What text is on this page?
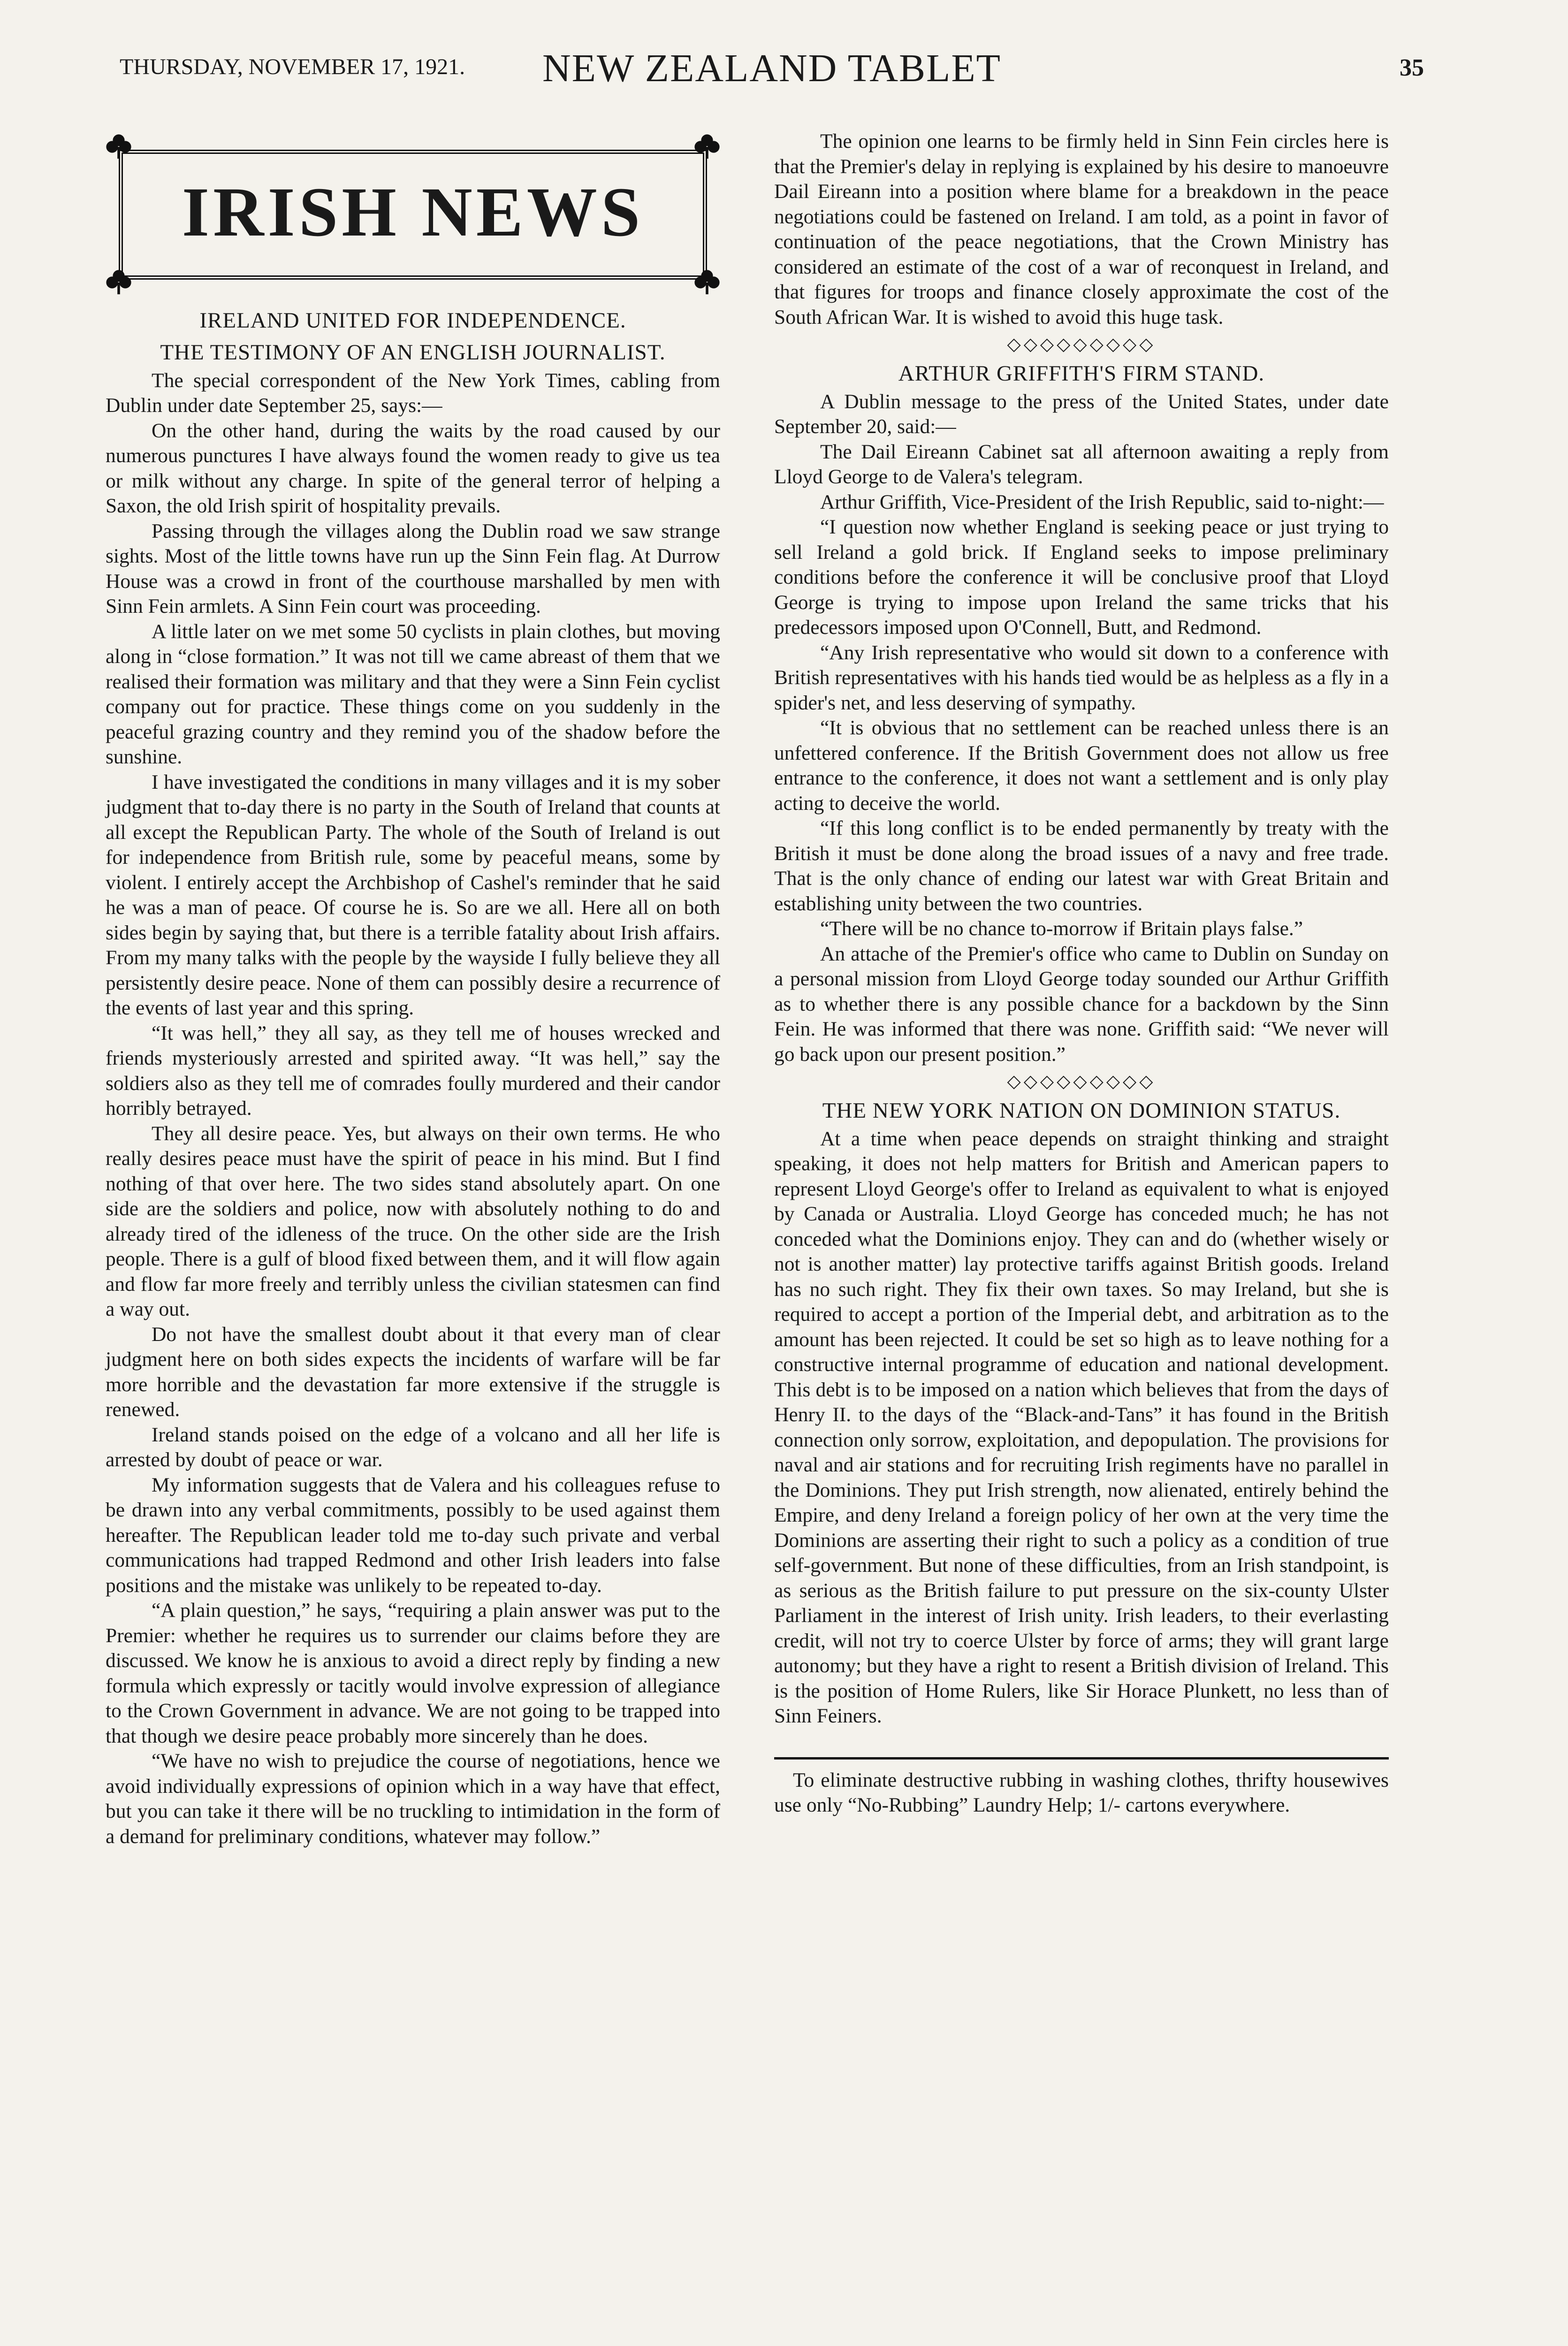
THURSDAY, NOVEMBER 17, 1921.	NEW ZEALAND TABLET	35
IRISH NEWS
IRELAND UNITED FOR INDEPENDENCE.
THE TESTIMONY OF AN ENGLISH JOURNALIST.

The special correspondent of the New York Times, cabling from Dublin under date September 25, says:—

On the other hand, during the waits by the road caused by our numerous punctures I have always found the women ready to give us tea or milk without any charge. In spite of the general terror of helping a Saxon, the old Irish spirit of hospitality prevails.

Passing through the villages along the Dublin road we saw strange sights. Most of the little towns have run up the Sinn Fein flag. At Durrow House was a crowd in front of the courthouse marshalled by men with Sinn Fein armlets. A Sinn Fein court was proceeding.

A little later on we met some 50 cyclists in plain clothes, but moving along in “close formation.” It was not till we came abreast of them that we realised their formation was military and that they were a Sinn Fein cyclist company out for practice. These things come on you suddenly in the peaceful grazing country and they remind you of the shadow before the sunshine.

I have investigated the conditions in many villages and it is my sober judgment that to-day there is no party in the South of Ireland that counts at all except the Republican Party. The whole of the South of Ireland is out for independence from British rule, some by peaceful means, some by violent. I entirely accept the Archbishop of Cashel's reminder that he said he was a man of peace. Of course he is. So are we all. Here all on both sides begin by saying that, but there is a terrible fatality about Irish affairs. From my many talks with the people by the wayside I fully believe they all persistently desire peace. None of them can possibly desire a recurrence of the events of last year and this spring.

“It was hell,” they all say, as they tell me of houses wrecked and friends mysteriously arrested and spirited away. “It was hell,” say the soldiers also as they tell me of comrades foully murdered and their candor horribly betrayed.

They all desire peace. Yes, but always on their own terms. He who really desires peace must have the spirit of peace in his mind. But I find nothing of that over here. The two sides stand absolutely apart. On one side are the soldiers and police, now with absolutely nothing to do and already tired of the idleness of the truce. On the other side are the Irish people. There is a gulf of blood fixed between them, and it will flow again and flow far more freely and terribly unless the civilian statesmen can find a way out.

Do not have the smallest doubt about it that every man of clear judgment here on both sides expects the incidents of warfare will be far more horrible and the devastation far more extensive if the struggle is renewed.

Ireland stands poised on the edge of a volcano and all her life is arrested by doubt of peace or war.

My information suggests that de Valera and his colleagues refuse to be drawn into any verbal commitments, possibly to be used against them hereafter. The Republican leader told me to-day such private and verbal communications had trapped Redmond and other Irish leaders into false positions and the mistake was unlikely to be repeated to-day.

“A plain question,” he says, “requiring a plain answer was put to the Premier: whether he requires us to surrender our claims before they are discussed. We know he is anxious to avoid a direct reply by finding a new formula which expressly or tacitly would involve expression of allegiance to the Crown Government in advance. We are not going to be trapped into that though we desire peace probably more sincerely than he does.

“We have no wish to prejudice the course of negotiations, hence we avoid individually expressions of opinion which in a way have that effect, but you can take it there will be no truckling to intimidation in the form of a demand for preliminary conditions, whatever may follow.”

The opinion one learns to be firmly held in Sinn Fein circles here is that the Premier's delay in replying is explained by his desire to manoeuvre Dail Eireann into a position where blame for a breakdown in the peace negotiations could be fastened on Ireland. I am told, as a point in favor of continuation of the peace negotiations, that the Crown Ministry has considered an estimate of the cost of a war of reconquest in Ireland, and that figures for troops and finance closely approximate the cost of the South African War. It is wished to avoid this huge task.

◇◇◇◇◇◇◇◇◇
ARTHUR GRIFFITH'S FIRM STAND.

A Dublin message to the press of the United States, under date September 20, said:—

The Dail Eireann Cabinet sat all afternoon awaiting a reply from Lloyd George to de Valera's telegram.

Arthur Griffith, Vice-President of the Irish Republic, said to-night:—

“I question now whether England is seeking peace or just trying to sell Ireland a gold brick. If England seeks to impose preliminary conditions before the conference it will be conclusive proof that Lloyd George is trying to impose upon Ireland the same tricks that his predecessors imposed upon O'Connell, Butt, and Redmond.

“Any Irish representative who would sit down to a conference with British representatives with his hands tied would be as helpless as a fly in a spider's net, and less deserving of sympathy.

“It is obvious that no settlement can be reached unless there is an unfettered conference. If the British Government does not allow us free entrance to the conference, it does not want a settlement and is only play acting to deceive the world.

“If this long conflict is to be ended permanently by treaty with the British it must be done along the broad issues of a navy and free trade. That is the only chance of ending our latest war with Great Britain and establishing unity between the two countries.

“There will be no chance to-morrow if Britain plays false.”

An attache of the Premier's office who came to Dublin on Sunday on a personal mission from Lloyd George today sounded our Arthur Griffith as to whether there is any possible chance for a backdown by the Sinn Fein. He was informed that there was none. Griffith said: “We never will go back upon our present position.”

◇◇◇◇◇◇◇◇◇
THE NEW YORK NATION ON DOMINION STATUS.

At a time when peace depends on straight thinking and straight speaking, it does not help matters for British and American papers to represent Lloyd George's offer to Ireland as equivalent to what is enjoyed by Canada or Australia. Lloyd George has conceded much; he has not conceded what the Dominions enjoy. They can and do (whether wisely or not is another matter) lay protective tariffs against British goods. Ireland has no such right. They fix their own taxes. So may Ireland, but she is required to accept a portion of the Imperial debt, and arbitration as to the amount has been rejected. It could be set so high as to leave nothing for a constructive internal programme of education and national development. This debt is to be imposed on a nation which believes that from the days of Henry II. to the days of the “Black-and-Tans” it has found in the British connection only sorrow, exploitation, and depopulation. The provisions for naval and air stations and for recruiting Irish regiments have no parallel in the Dominions. They put Irish strength, now alienated, entirely behind the Empire, and deny Ireland a foreign policy of her own at the very time the Dominions are asserting their right to such a policy as a condition of true self-government. But none of these difficulties, from an Irish standpoint, is as serious as the British failure to put pressure on the six-county Ulster Parliament in the interest of Irish unity. Irish leaders, to their everlasting credit, will not try to coerce Ulster by force of arms; they will grant large autonomy; but they have a right to resent a British division of Ireland. This is the position of Home Rulers, like Sir Horace Plunkett, no less than of Sinn Feiners.

To eliminate destructive rubbing in washing clothes, thrifty housewives use only “No-Rubbing” Laundry Help; 1/- cartons everywhere.
